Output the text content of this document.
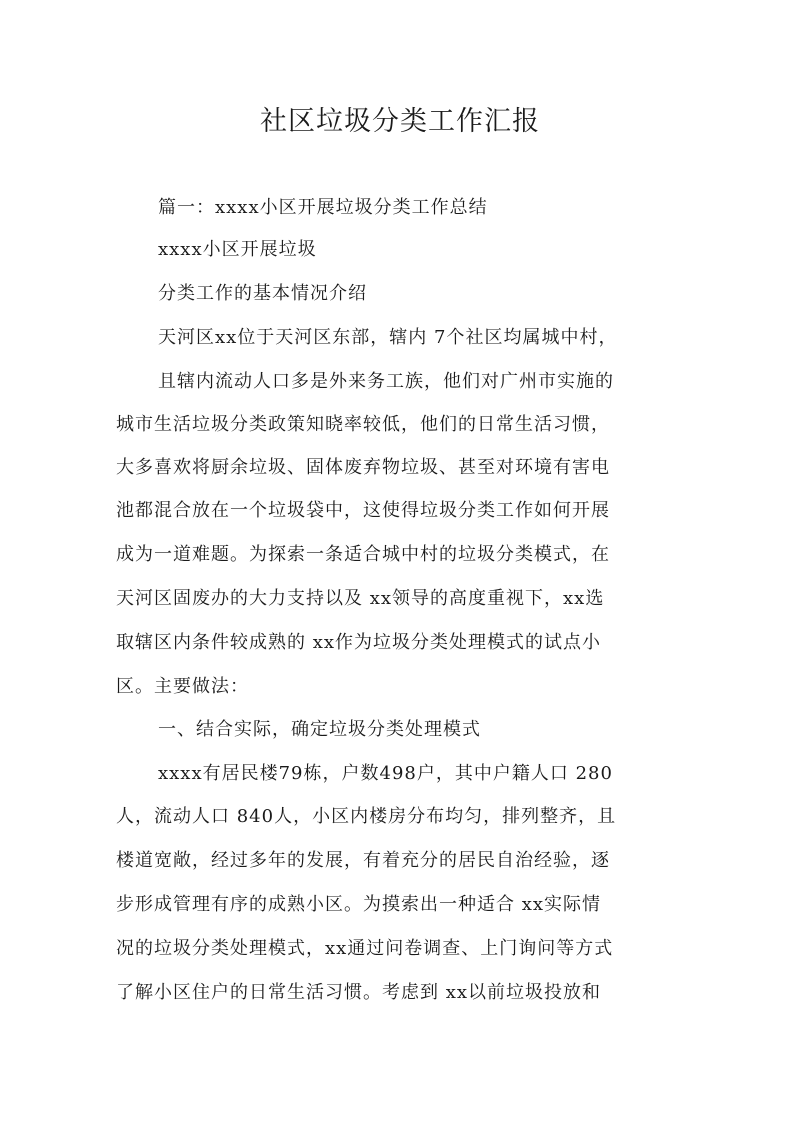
社区垃圾分类工作汇报
篇一：xxxx小区开展垃圾分类工作总结
xxxx小区开展垃圾
分类工作的基本情况介绍
天河区xx位于天河区东部，辖内 7个社区均属城中村，
且辖内流动人口多是外来务工族，他们对广州市实施的
城市生活垃圾分类政策知晓率较低，他们的日常生活习惯，
大多喜欢将厨余垃圾、固体废弃物垃圾、甚至对环境有害电
池都混合放在一个垃圾袋中，这使得垃圾分类工作如何开展
成为一道难题。为探索一条适合城中村的垃圾分类模式，在
天河区固废办的大力支持以及 xx领导的高度重视下，xx选
取辖区内条件较成熟的 xx作为垃圾分类处理模式的试点小
区。主要做法：
一、结合实际，确定垃圾分类处理模式
xxxx有居民楼79栋，户数498户，其中户籍人口 280
人，流动人口 840人，小区内楼房分布均匀，排列整齐，且
楼道宽敞，经过多年的发展，有着充分的居民自治经验，逐
步形成管理有序的成熟小区。为摸索出一种适合 xx实际情
况的垃圾分类处理模式，xx通过问卷调查、上门询问等方式
了解小区住户的日常生活习惯。考虑到 xx以前垃圾投放和
